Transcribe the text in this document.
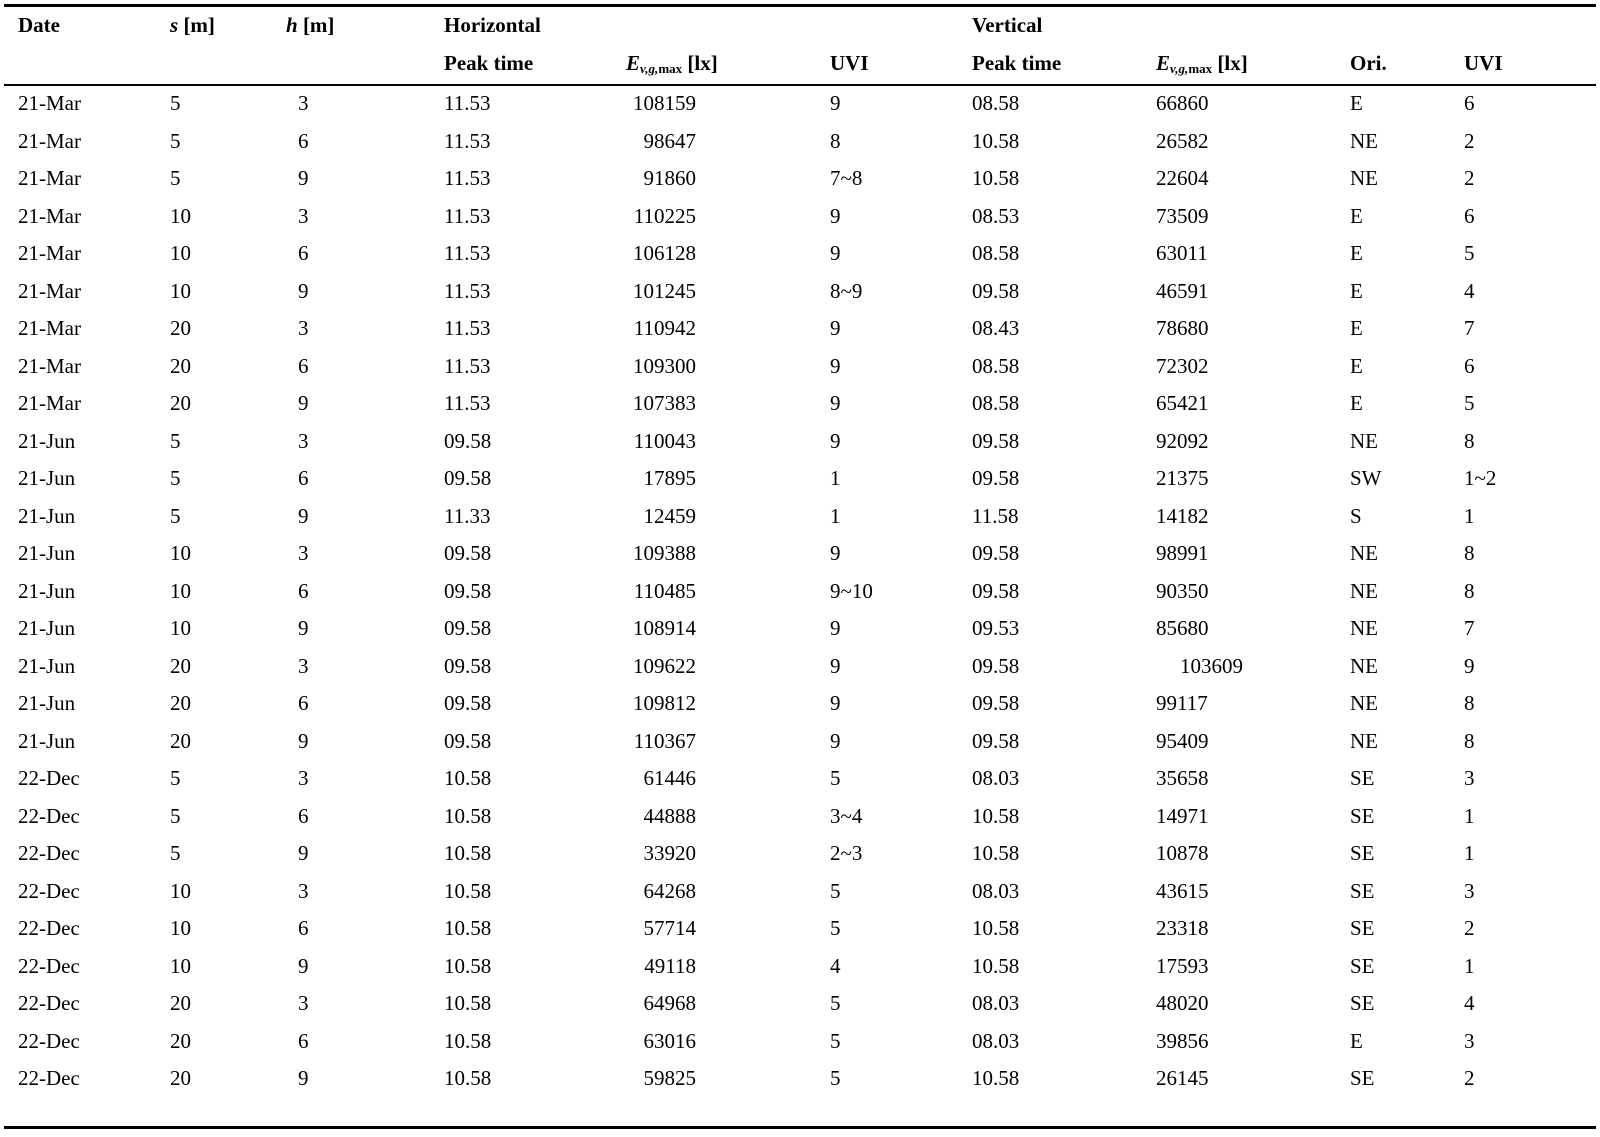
Date	s [m]	h [m]	Horizontal	Vertical
Peak time	$E_{v,g,max}$ [lx]	UVI	Peak time	$E_{v,g,max}$ [lx]	Ori.	UVI
21-Mar	5	3	11.53	108159	9	08.58	66860	E	6
21-Mar	5	6	11.53	98647	8	10.58	26582	NE	2
21-Mar	5	9	11.53	91860	7~8	10.58	22604	NE	2
21-Mar	10	3	11.53	110225	9	08.53	73509	E	6
21-Mar	10	6	11.53	106128	9	08.58	63011	E	5
21-Mar	10	9	11.53	101245	8~9	09.58	46591	E	4
21-Mar	20	3	11.53	110942	9	08.43	78680	E	7
21-Mar	20	6	11.53	109300	9	08.58	72302	E	6
21-Mar	20	9	11.53	107383	9	08.58	65421	E	5
21-Jun	5	3	09.58	110043	9	09.58	92092	NE	8
21-Jun	5	6	09.58	17895	1	09.58	21375	SW	1~2
21-Jun	5	9	11.33	12459	1	11.58	14182	S	1
21-Jun	10	3	09.58	109388	9	09.58	98991	NE	8
21-Jun	10	6	09.58	110485	9~10	09.58	90350	NE	8
21-Jun	10	9	09.58	108914	9	09.53	85680	NE	7
21-Jun	20	3	09.58	109622	9	09.58	103609	NE	9
21-Jun	20	6	09.58	109812	9	09.58	99117	NE	8
21-Jun	20	9	09.58	110367	9	09.58	95409	NE	8
22-Dec	5	3	10.58	61446	5	08.03	35658	SE	3
22-Dec	5	6	10.58	44888	3~4	10.58	14971	SE	1
22-Dec	5	9	10.58	33920	2~3	10.58	10878	SE	1
22-Dec	10	3	10.58	64268	5	08.03	43615	SE	3
22-Dec	10	6	10.58	57714	5	10.58	23318	SE	2
22-Dec	10	9	10.58	49118	4	10.58	17593	SE	1
22-Dec	20	3	10.58	64968	5	08.03	48020	SE	4
22-Dec	20	6	10.58	63016	5	08.03	39856	E	3
22-Dec	20	9	10.58	59825	5	10.58	26145	SE	2
